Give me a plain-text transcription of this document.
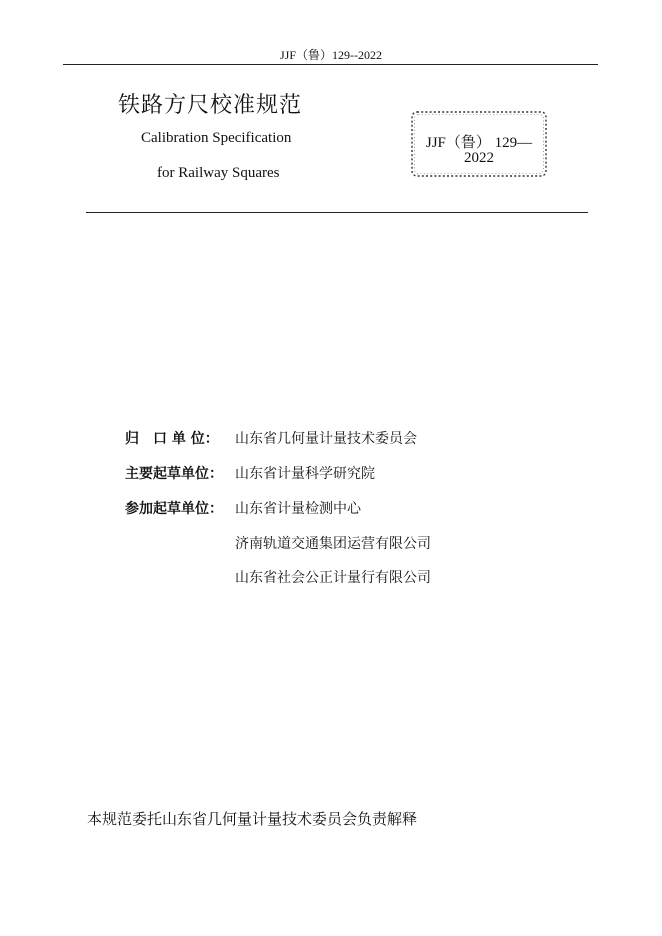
JJF（鲁）129--2022
铁路方尺校准规范
Calibration Specification
for Railway Squares
JJF（鲁） 129—
2022
归　口 单 位：	山东省几何量计量技术委员会
主要起草单位： 山东省计量科学研究院
参加起草单位： 山东省计量检测中心
济南轨道交通集团运营有限公司
山东省社会公正计量行有限公司
本规范委托山东省几何量计量技术委员会负责解释
